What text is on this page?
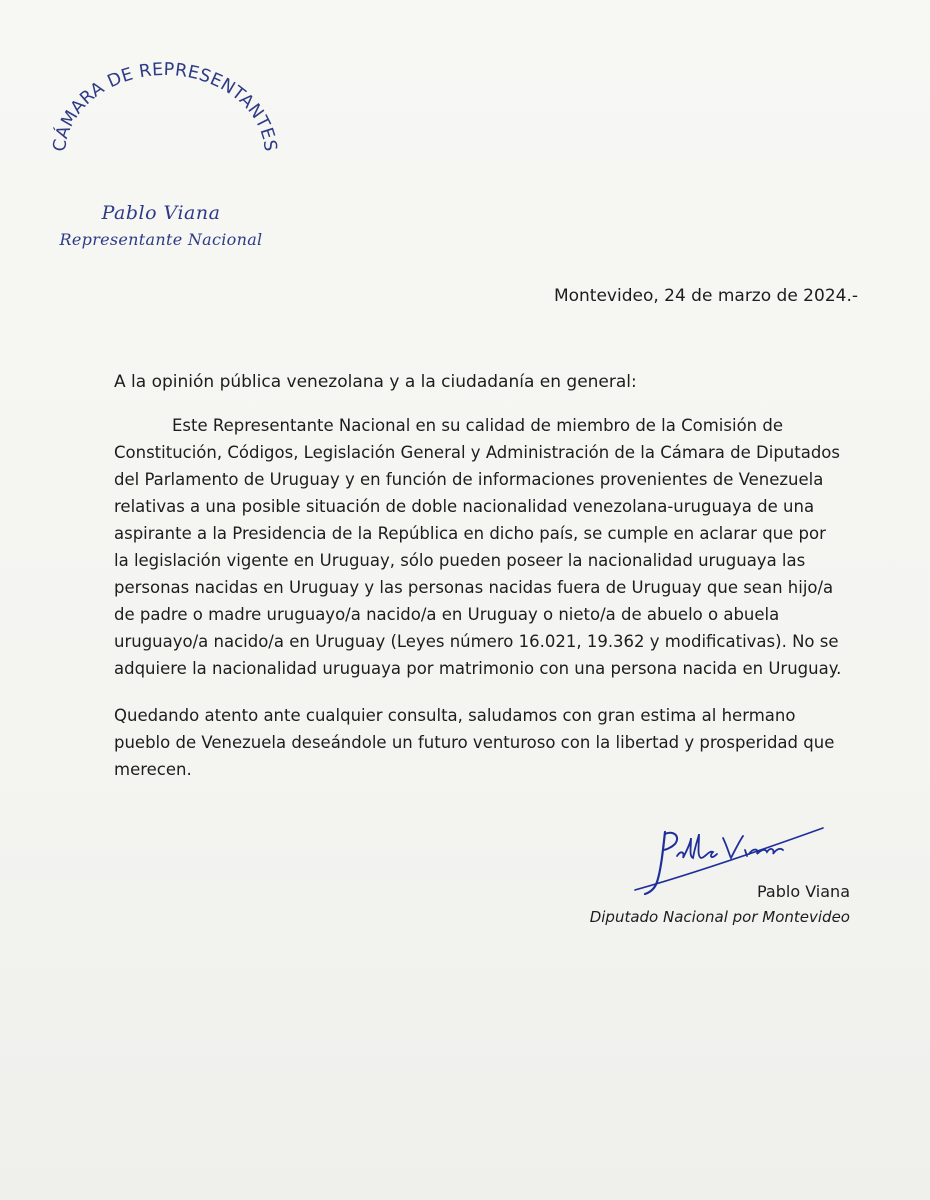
CÁMARA DE REPRESENTANTES
Pablo Viana
Representante Nacional
Montevideo, 24 de marzo de 2024.-
A la opinión pública venezolana y a la ciudadanía en general:

Este Representante Nacional en su calidad de miembro de la Comisión de Constitución, Códigos, Legislación General y Administración de la Cámara de Diputados del Parlamento de Uruguay y en función de informaciones provenientes de Venezuela relativas a una posible situación de doble nacionalidad venezolana-uruguaya de una aspirante a la Presidencia de la República en dicho país, se cumple en aclarar que por la legislación vigente en Uruguay, sólo pueden poseer la nacionalidad uruguaya las personas nacidas en Uruguay y las personas nacidas fuera de Uruguay que sean hijo/a de padre o madre uruguayo/a nacido/a en Uruguay o nieto/a de abuelo o abuela uruguayo/a nacido/a en Uruguay (Leyes número 16.021, 19.362 y modificativas). No se adquiere la nacionalidad uruguaya por matrimonio con una persona nacida en Uruguay.

Quedando atento ante cualquier consulta, saludamos con gran estima al hermano pueblo de Venezuela deseándole un futuro venturoso con la libertad y prosperidad que merecen.

Pablo Viana
Diputado Nacional por Montevideo
